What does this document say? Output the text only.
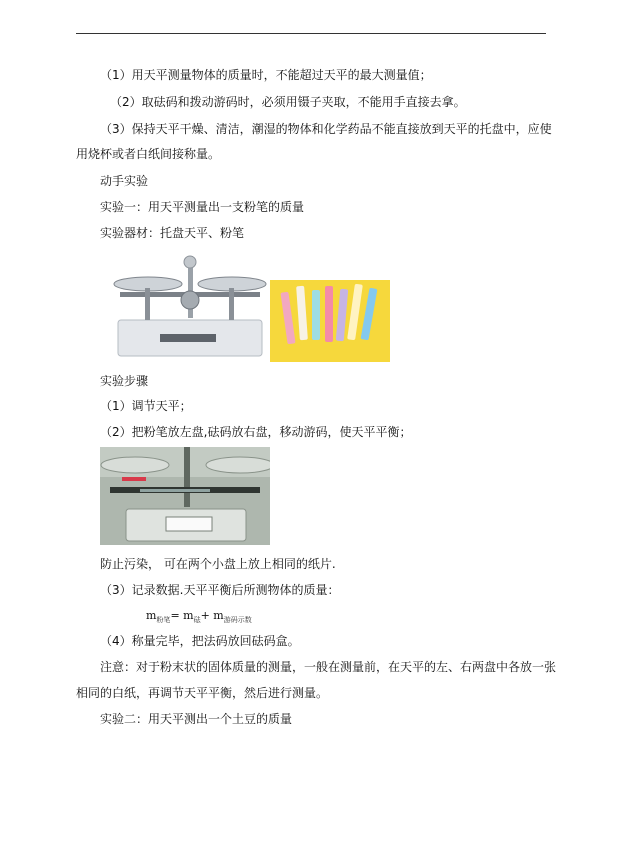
（1）用天平测量物体的质量时，不能超过天平的最大测量值；
（2）取砝码和拨动游码时，必须用镊子夹取，不能用手直接去拿。
（3）保持天平干燥、清洁，潮湿的物体和化学药品不能直接放到天平的托盘中，应使
用烧杯或者白纸间接称量。
动手实验
实验一：用天平测量出一支粉笔的质量
实验器材：托盘天平、粉笔
实验步骤
（1）调节天平；
（2）把粉笔放左盘,砝码放右盘，移动游码，使天平平衡；
防止污染， 可在两个小盘上放上相同的纸片.
（3）记录数据.天平平衡后所测物体的质量：
$m_{粉笔}= m_砝+ m_{游码示数}$
（4）称量完毕，把法码放回砝码盒。
注意：对于粉末状的固体质量的测量，一般在测量前，在天平的左、右两盘中各放一张
相同的白纸，再调节天平平衡，然后进行测量。
实验二：用天平测出一个土豆的质量
